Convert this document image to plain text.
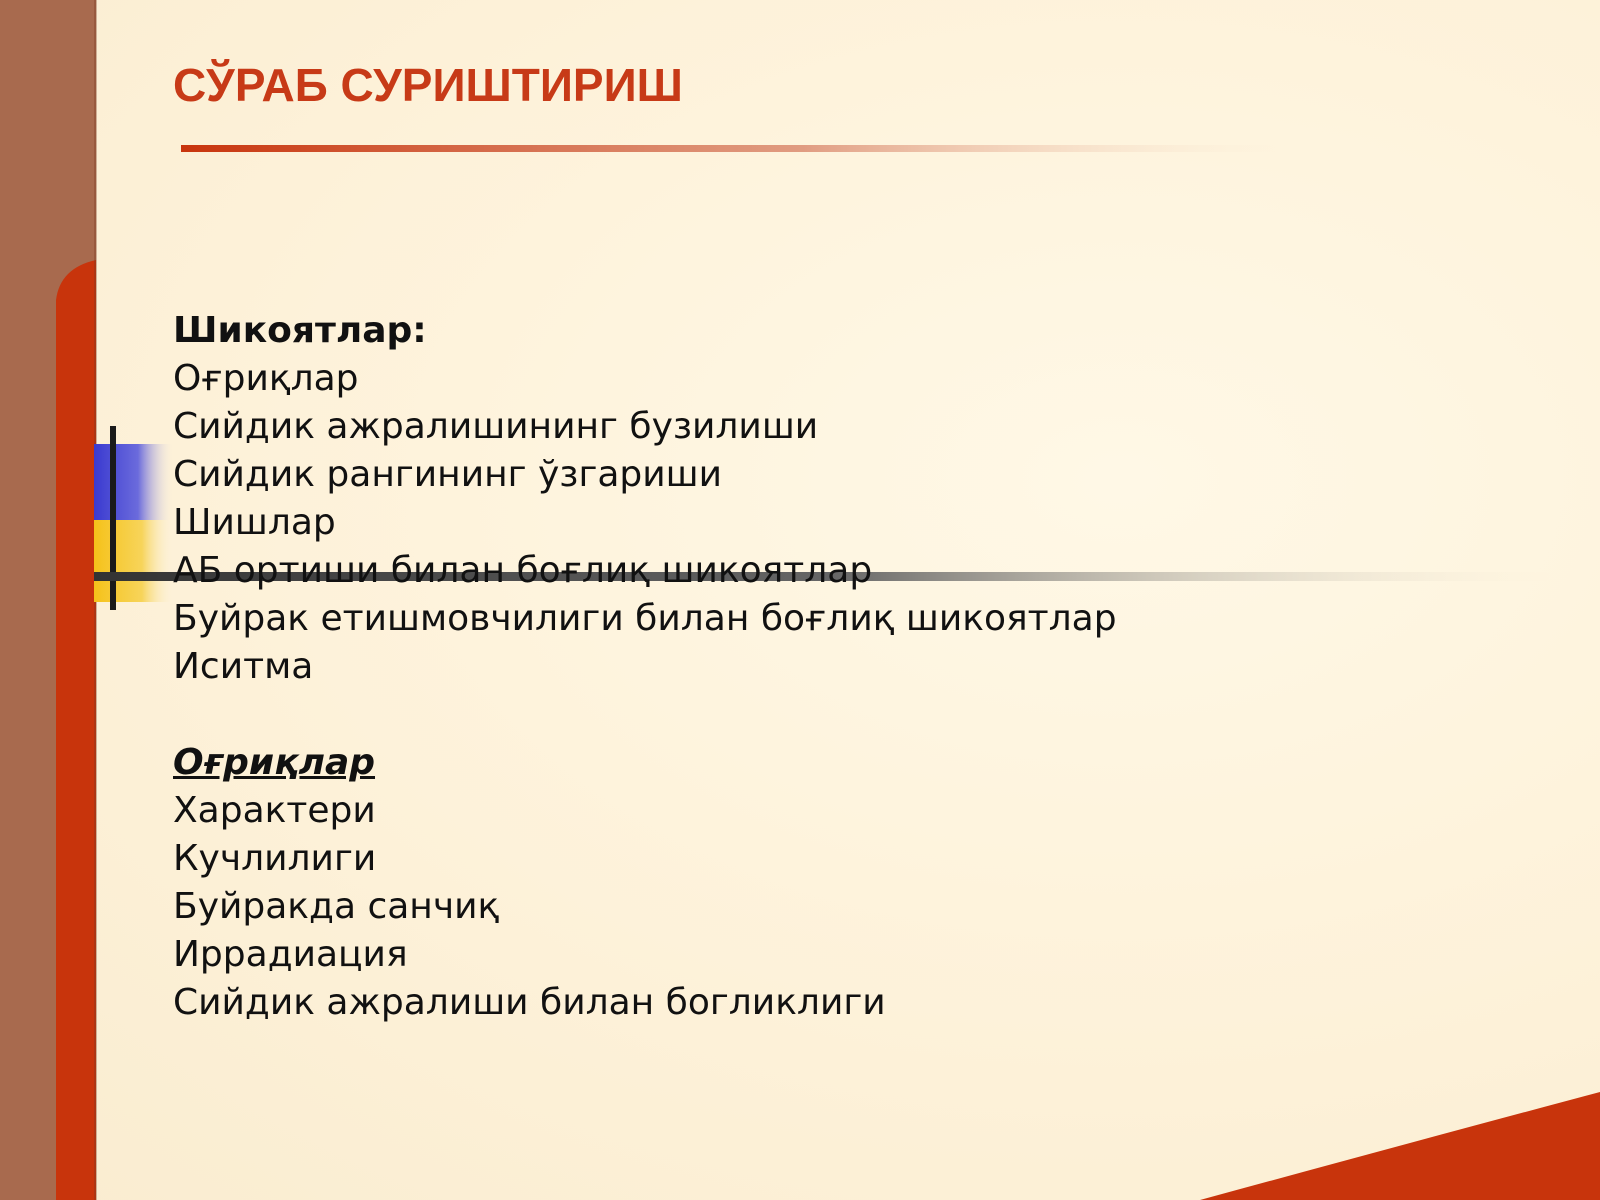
СЎРАБ СУРИШТИРИШ
Шикоятлар:
Оғриқлар
Сийдик ажралишининг бузилиши
Сийдик рангининг ўзгариши
Шишлар
АБ ортиши билан боғлиқ шикоятлар
Буйрак етишмовчилиги билан боғлиқ шикоятлар
Иситма
Оғриқлар
Характери
Кучлилиги
Буйракда санчиқ
Иррадиация
Сийдик ажралиши билан богликлиги
